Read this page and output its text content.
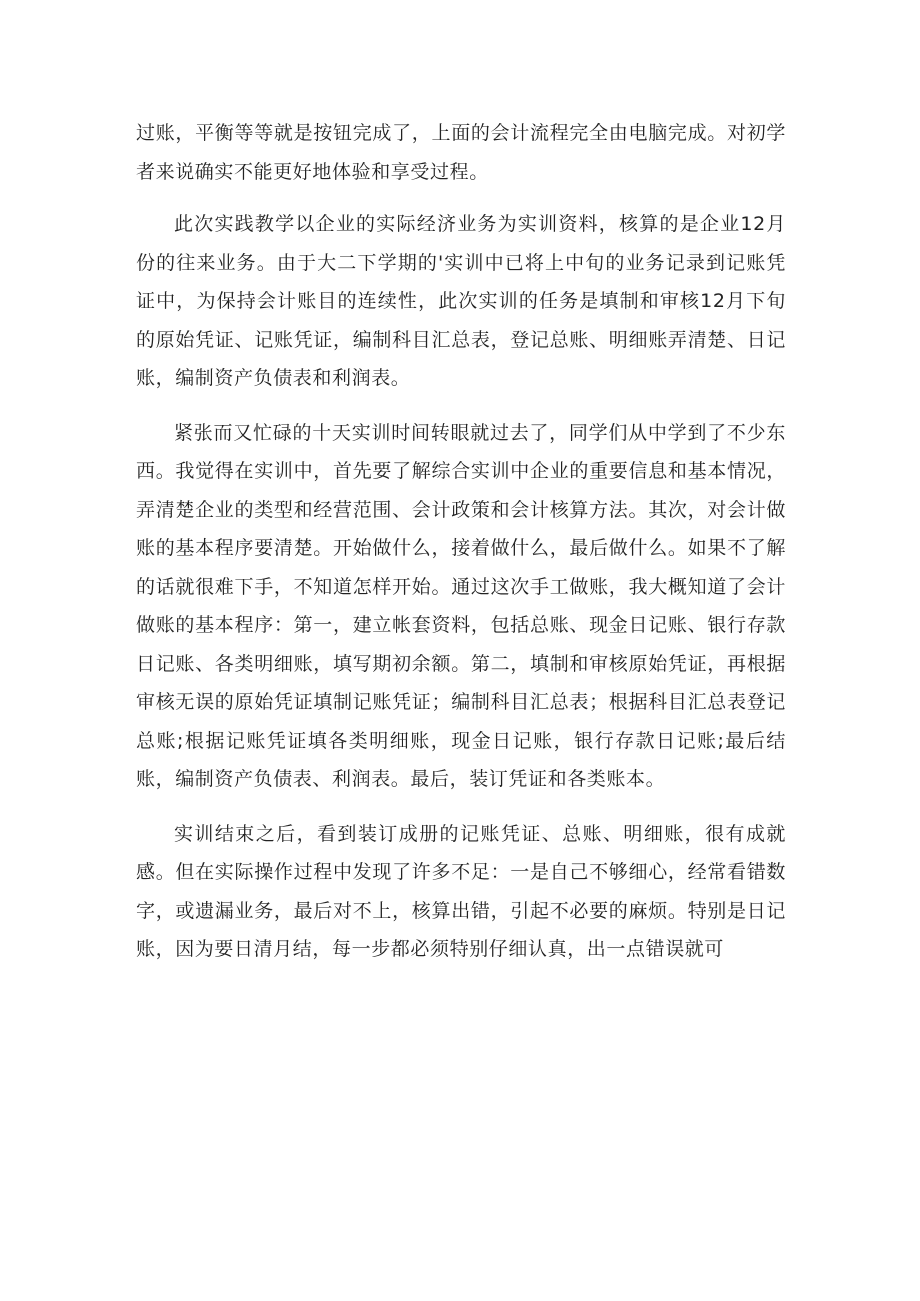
过账，平衡等等就是按钮完成了，上面的会计流程完全由电脑完成。对初学者来说确实不能更好地体验和享受过程。

此次实践教学以企业的实际经济业务为实训资料，核算的是企业12月份的往来业务。由于大二下学期的'实训中已将上中旬的业务记录到记账凭证中，为保持会计账目的连续性，此次实训的任务是填制和审核12月下旬的原始凭证、记账凭证，编制科目汇总表，登记总账、明细账弄清楚、日记账，编制资产负债表和利润表。

紧张而又忙碌的十天实训时间转眼就过去了，同学们从中学到了不少东西。我觉得在实训中，首先要了解综合实训中企业的重要信息和基本情况，弄清楚企业的类型和经营范围、会计政策和会计核算方法。其次，对会计做账的基本程序要清楚。开始做什么，接着做什么，最后做什么。如果不了解的话就很难下手，不知道怎样开始。通过这次手工做账，我大概知道了会计做账的基本程序：第一，建立帐套资料，包括总账、现金日记账、银行存款日记账、各类明细账，填写期初余额。第二，填制和审核原始凭证，再根据审核无误的原始凭证填制记账凭证；编制科目汇总表；根据科目汇总表登记总账;根据记账凭证填各类明细账，现金日记账，银行存款日记账;最后结账，编制资产负债表、利润表。最后，装订凭证和各类账本。

实训结束之后，看到装订成册的记账凭证、总账、明细账，很有成就感。但在实际操作过程中发现了许多不足：一是自己不够细心，经常看错数字，或遗漏业务，最后对不上，核算出错，引起不必要的麻烦。特别是日记账，因为要日清月结，每一步都必须特别仔细认真，出一点错误就可
